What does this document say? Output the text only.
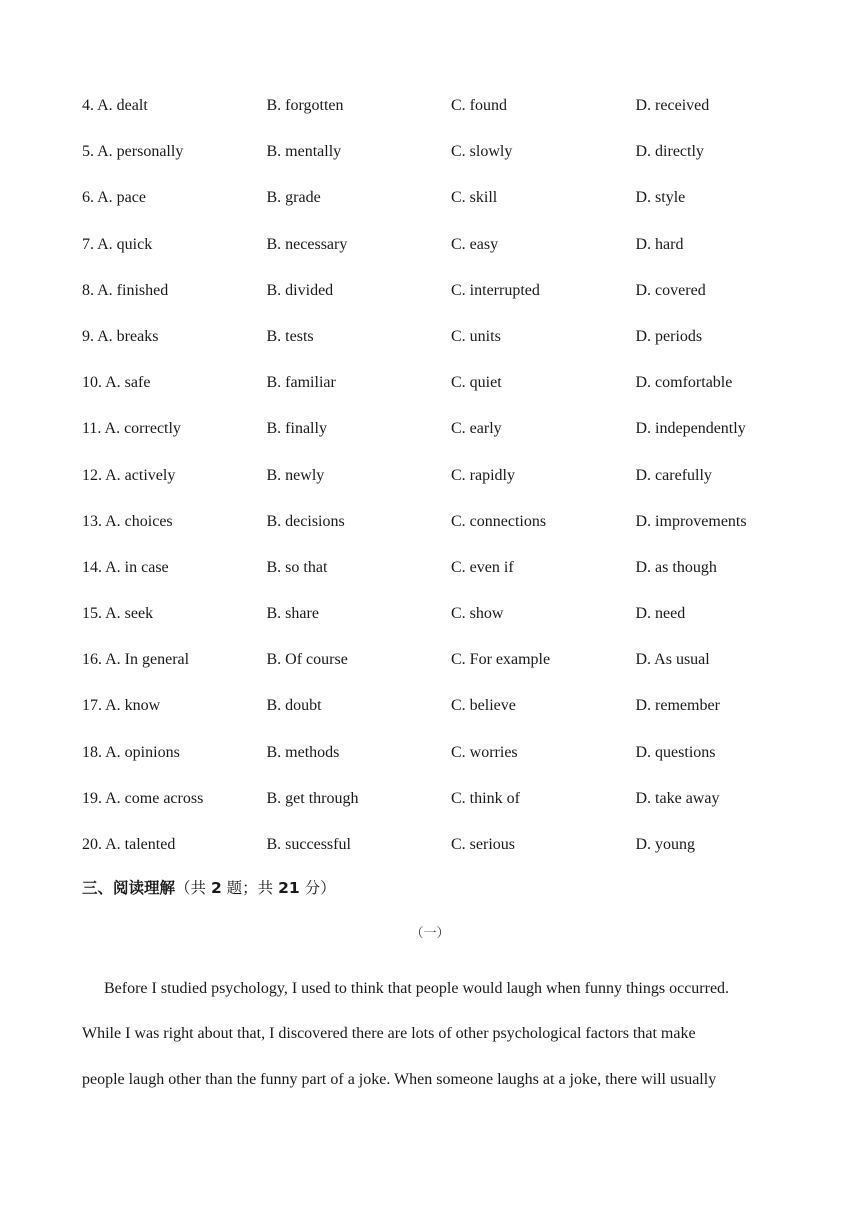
4. A. dealt	B. forgotten	C. found	D. received
5. A. personally	B. mentally	C. slowly	D. directly
6. A. pace	B. grade	C. skill	D. style
7. A. quick	B. necessary	C. easy	D. hard
8. A. finished	B. divided	C. interrupted	D. covered
9. A. breaks	B. tests	C. units	D. periods
10. A. safe	B. familiar	C. quiet	D. comfortable
11. A. correctly	B. finally	C. early	D. independently
12. A. actively	B. newly	C. rapidly	D. carefully
13. A. choices	B. decisions	C. connections	D. improvements
14. A. in case	B. so that	C. even if	D. as though
15. A. seek	B. share	C. show	D. need
16. A. In general	B. Of course	C. For example	D. As usual
17. A. know	B. doubt	C. believe	D. remember
18. A. opinions	B. methods	C. worries	D. questions
19. A. come across	B. get through	C. think of	D. take away
20. A. talented	B. successful	C. serious	D. young
三、阅读理解（共 2 题；共 21 分）
（一）

Before I studied psychology, I used to think that people would laugh when funny things occurred.
While I was right about that, I discovered there are lots of other psychological factors that make
people laugh other than the funny part of a joke. When someone laughs at a joke, there will usually
